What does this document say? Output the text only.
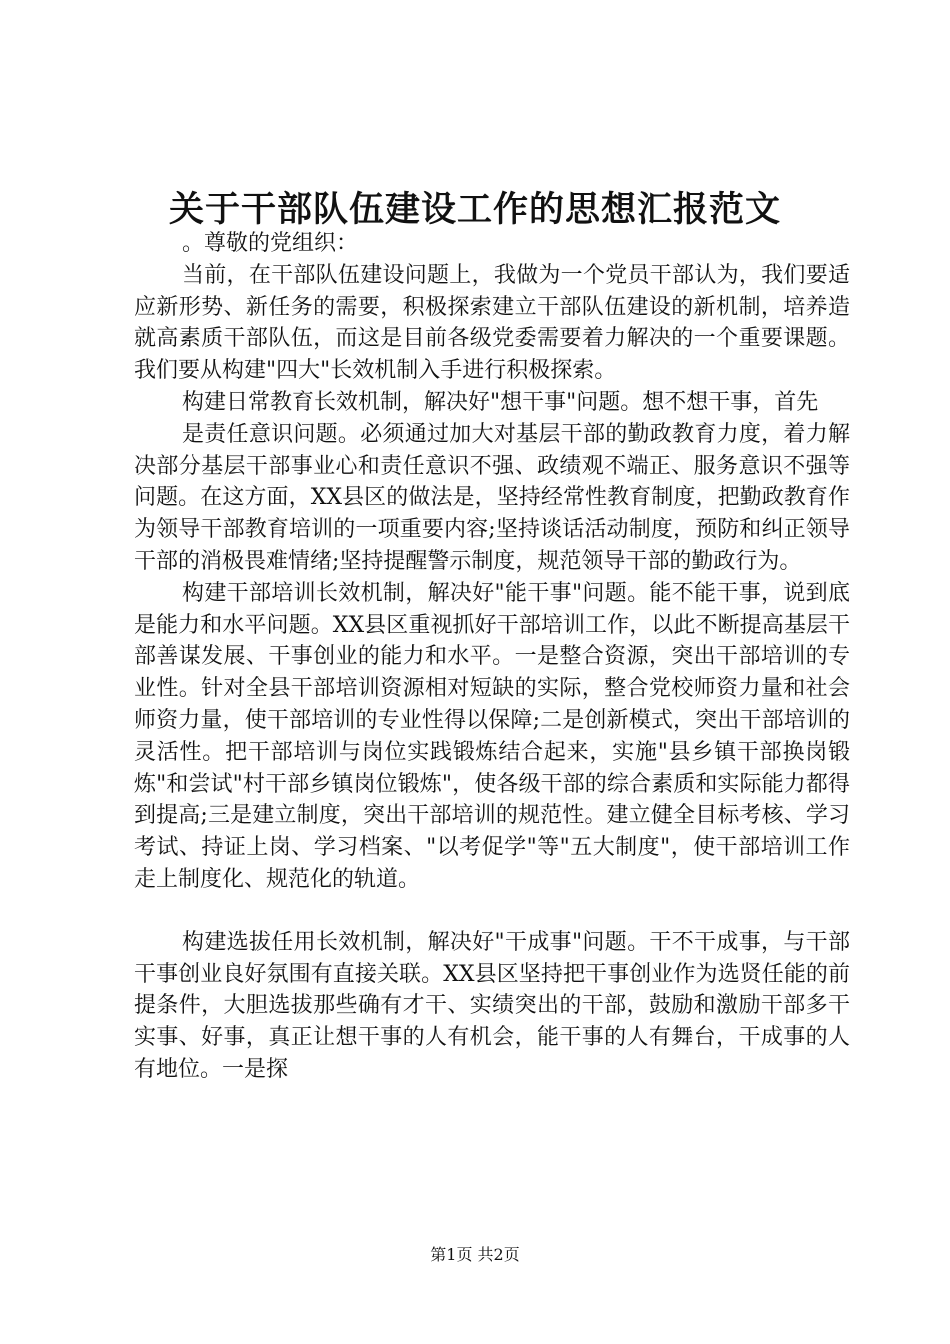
关于干部队伍建设工作的思想汇报范文

。尊敬的党组织：

当前，在干部队伍建设问题上，我做为一个党员干部认为，我们要适应新形势、新任务的需要，积极探索建立干部队伍建设的新机制，培养造就高素质干部队伍，而这是目前各级党委需要着力解决的一个重要课题。我们要从构建"四大"长效机制入手进行积极探索。

构建日常教育长效机制，解决好"想干事"问题。想不想干事，首先

是责任意识问题。必须通过加大对基层干部的勤政教育力度，着力解决部分基层干部事业心和责任意识不强、政绩观不端正、服务意识不强等问题。在这方面，XX县区的做法是，坚持经常性教育制度，把勤政教育作为领导干部教育培训的一项重要内容;坚持谈话活动制度，预防和纠正领导干部的消极畏难情绪;坚持提醒警示制度，规范领导干部的勤政行为。

构建干部培训长效机制，解决好"能干事"问题。能不能干事，说到底是能力和水平问题。XX县区重视抓好干部培训工作，以此不断提高基层干部善谋发展、干事创业的能力和水平。一是整合资源，突出干部培训的专业性。针对全县干部培训资源相对短缺的实际，整合党校师资力量和社会师资力量，使干部培训的专业性得以保障;二是创新模式，突出干部培训的灵活性。把干部培训与岗位实践锻炼结合起来，实施"县乡镇干部换岗锻炼"和尝试"村干部乡镇岗位锻炼"，使各级干部的综合素质和实际能力都得到提高;三是建立制度，突出干部培训的规范性。建立健全目标考核、学习考试、持证上岗、学习档案、"以考促学"等"五大制度"，使干部培训工作走上制度化、规范化的轨道。

构建选拔任用长效机制，解决好"干成事"问题。干不干成事，与干部干事创业良好氛围有直接关联。XX县区坚持把干事创业作为选贤任能的前提条件，大胆选拔那些确有才干、实绩突出的干部，鼓励和激励干部多干实事、好事，真正让想干事的人有机会，能干事的人有舞台，干成事的人有地位。一是探

第1页 共2页
